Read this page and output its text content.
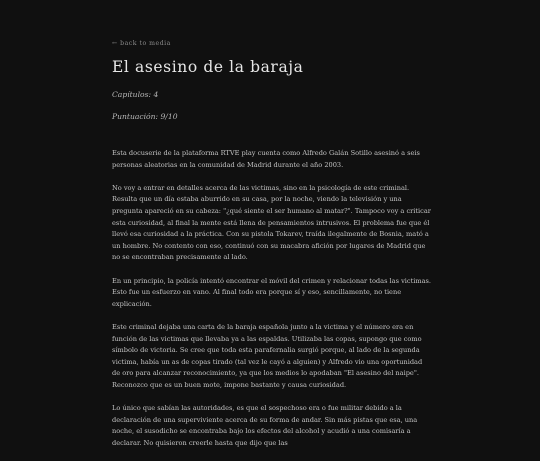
← back to media
El asesino de la baraja
Capítulos: 4
Puntuación: 9/10

Esta docuserie de la plataforma RTVE play cuenta como Alfredo Galán Sotillo asesinó a seis personas aleatorias en la comunidad de Madrid durante el año 2003.

No voy a entrar en detalles acerca de las victimas, sino en la psicología de este criminal. Resulta que un día estaba aburrido en su casa, por la noche, viendo la televisión y una pregunta apareció en su cabeza: "¿qué siente el ser humano al matar?". Tampoco voy a criticar esta curiosidad, al final la mente está llena de pensamientos intrusivos. El problema fue que él llevó esa curiosidad a la práctica. Con su pistola Tokarev, traída ilegalmente de Bosnia, mató a un hombre. No contento con eso, continuó con su macabra afición por lugares de Madrid que no se encontraban precisamente al lado.

En un principio, la policía intentó encontrar el móvil del crimen y relacionar todas las victimas. Esto fue un esfuerzo en vano. Al final todo era porque sí y eso, sencillamente, no tiene explicación.

Este criminal dejaba una carta de la baraja española junto a la victima y el número era en función de las victimas que llevaba ya a las espaldas. Utilizaba las copas, supongo que como símbolo de victoria. Se cree que toda esta parafernalia surgió porque, al lado de la segunda victima, había un as de copas tirado (tal vez le cayó a alguien) y Alfredo vio una oportunidad de oro para alcanzar reconocimiento, ya que los medios lo apodaban "El asesino del naipe". Reconozco que es un buen mote, impone bastante y causa curiosidad.

Lo único que sabían las autoridades, es que el sospechoso era o fue militar debido a la declaración de una superviviente acerca de su forma de andar. Sin más pistas que esa, una noche, el susodicho se encontraba bajo los efectos del alcohol y acudió a una comisaría a declarar. No quisieron creerle hasta que dijo que las
